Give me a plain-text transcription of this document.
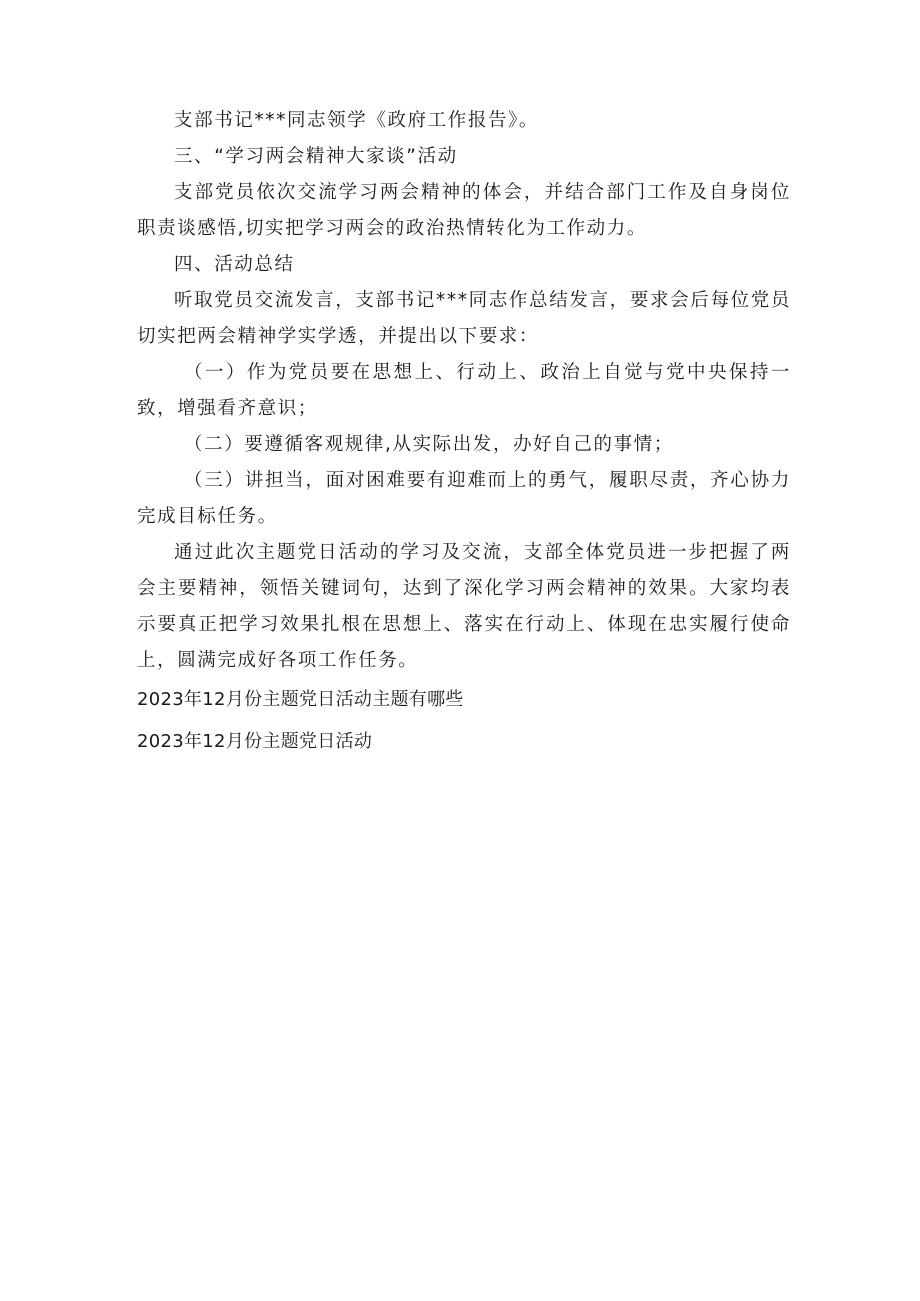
支部书记***同志领学《政府工作报告》。

三、“学习两会精神大家谈”活动

支部党员依次交流学习两会精神的体会，并结合部门工作及自身岗位职责谈感悟,切实把学习两会的政治热情转化为工作动力。

四、活动总结

听取党员交流发言，支部书记***同志作总结发言，要求会后每位党员切实把两会精神学实学透，并提出以下要求：

（一）作为党员要在思想上、行动上、政治上自觉与党中央保持一致，增强看齐意识；

（二）要遵循客观规律,从实际出发，办好自己的事情；

（三）讲担当，面对困难要有迎难而上的勇气，履职尽责，齐心协力完成目标任务。

通过此次主题党日活动的学习及交流，支部全体党员进一步把握了两会主要精神，领悟关键词句，达到了深化学习两会精神的效果。大家均表示要真正把学习效果扎根在思想上、落实在行动上、体现在忠实履行使命上，圆满完成好各项工作任务。

2023年12月份主题党日活动主题有哪些

2023年12月份主题党日活动
